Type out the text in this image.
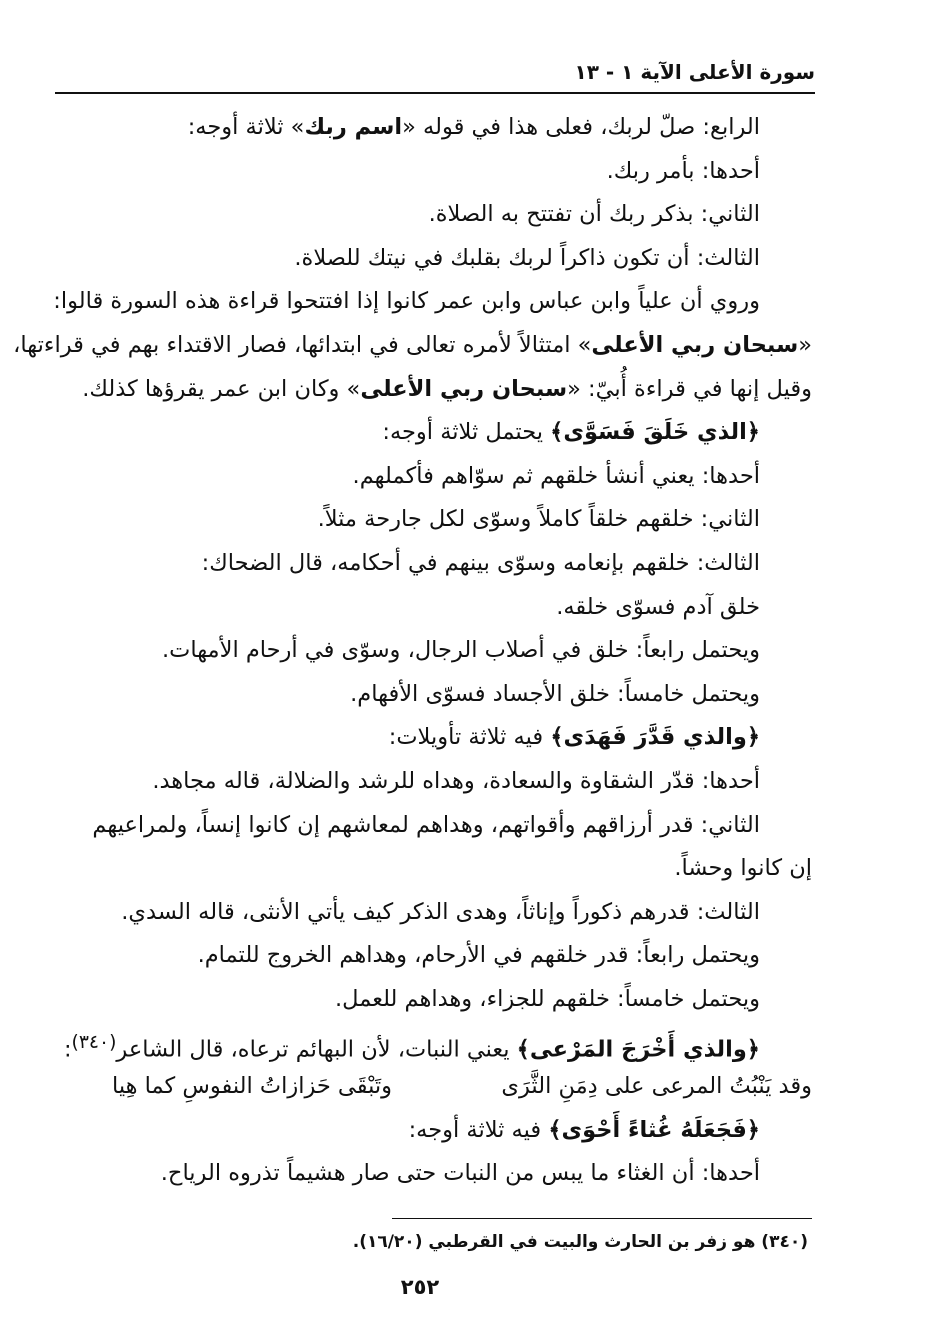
سورة الأعلى الآية ١ - ١٣
الرابع: صلّ لربك، فعلى هذا في قوله «اسم ربك» ثلاثة أوجه:
أحدها: بأمر ربك.
الثاني: بذكر ربك أن تفتتح به الصلاة.
الثالث: أن تكون ذاكراً لربك بقلبك في نيتك للصلاة.
وروي أن علياً وابن عباس وابن عمر كانوا إذا افتتحوا قراءة هذه السورة قالوا:
«سبحان ربي الأعلى» امتثالاً لأمره تعالى في ابتدائها، فصار الاقتداء بهم في قراءتها،
وقيل إنها في قراءة أُبيّ: «سبحان ربي الأعلى» وكان ابن عمر يقرؤها كذلك.
﴿الذي خَلَقَ فَسَوَّى﴾ يحتمل ثلاثة أوجه:
أحدها: يعني أنشأ خلقهم ثم سوّاهم فأكملهم.
الثاني: خلقهم خلقاً كاملاً وسوّى لكل جارحة مثلاً.
الثالث: خلقهم بإنعامه وسوّى بينهم في أحكامه، قال الضحاك:
خلق آدم فسوّى خلقه.
ويحتمل رابعاً: خلق في أصلاب الرجال، وسوّى في أرحام الأمهات.
ويحتمل خامساً: خلق الأجساد فسوّى الأفهام.
﴿والذي قَدَّرَ فَهَدَى﴾ فيه ثلاثة تأويلات:
أحدها: قدّر الشقاوة والسعادة، وهداه للرشد والضلالة، قاله مجاهد.
الثاني: قدر أرزاقهم وأقواتهم، وهداهم لمعاشهم إن كانوا إنساً، ولمراعيهم
إن كانوا وحشاً.
الثالث: قدرهم ذكوراً وإناثاً، وهدى الذكر كيف يأتي الأنثى، قاله السدي.
ويحتمل رابعاً: قدر خلقهم في الأرحام، وهداهم الخروج للتمام.
ويحتمل خامساً: خلقهم للجزاء، وهداهم للعمل.
﴿والذي أَخْرَجَ المَرْعى﴾ يعني النبات، لأن البهائم ترعاه، قال الشاعر$^{(٣٤٠)}$:
وقد يَنْبُتُ المرعى على دِمَنِ الثَّرَى
وتَبْقَى حَزازاتُ النفوسِ كما هِيا
﴿فَجَعَلَهُ غُثاءً أَحْوَى﴾ فيه ثلاثة أوجه:
أحدها: أن الغثاء ما يبس من النبات حتى صار هشيماً تذروه الرياح.
(٣٤٠) هو زفر بن الحارث والبيت في القرطبي (١٦/٢٠).
٢٥٢
